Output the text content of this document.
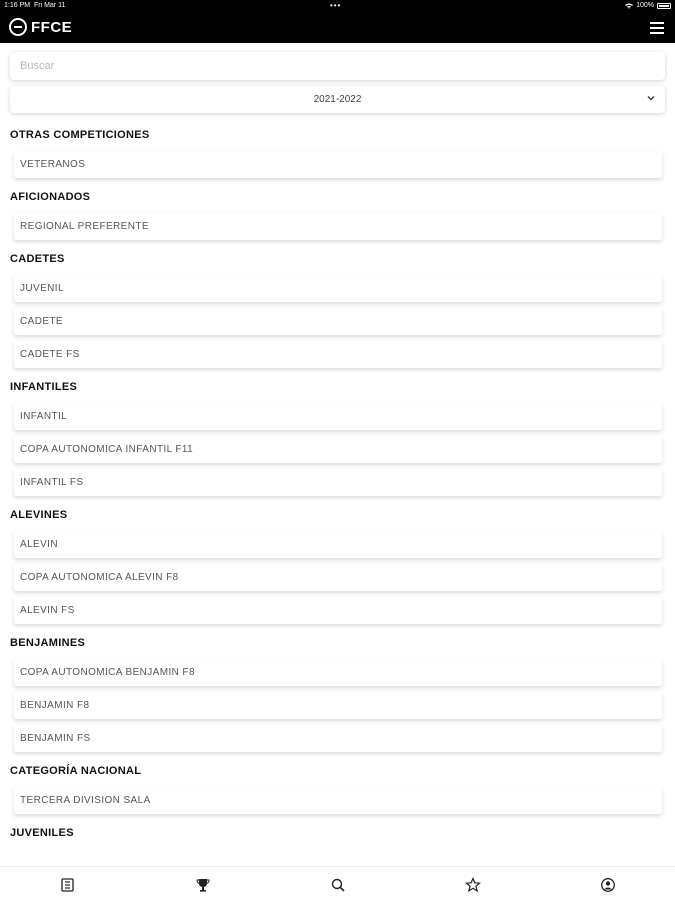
1:16 PM Fri Mar 11	•••	100%
FFCE
Buscar
2021-2022
OTRAS COMPETICIONES
VETERANOS
AFICIONADOS
REGIONAL PREFERENTE
CADETES
JUVENIL
CADETE
CADETE FS
INFANTILES
INFANTIL
COPA AUTONOMICA INFANTIL F11
INFANTIL FS
ALEVINES
ALEVIN
COPA AUTONOMICA ALEVIN F8
ALEVIN FS
BENJAMINES
COPA AUTONOMICA BENJAMIN F8
BENJAMIN F8
BENJAMIN FS
CATEGORÍA NACIONAL
TERCERA DIVISION SALA
JUVENILES
